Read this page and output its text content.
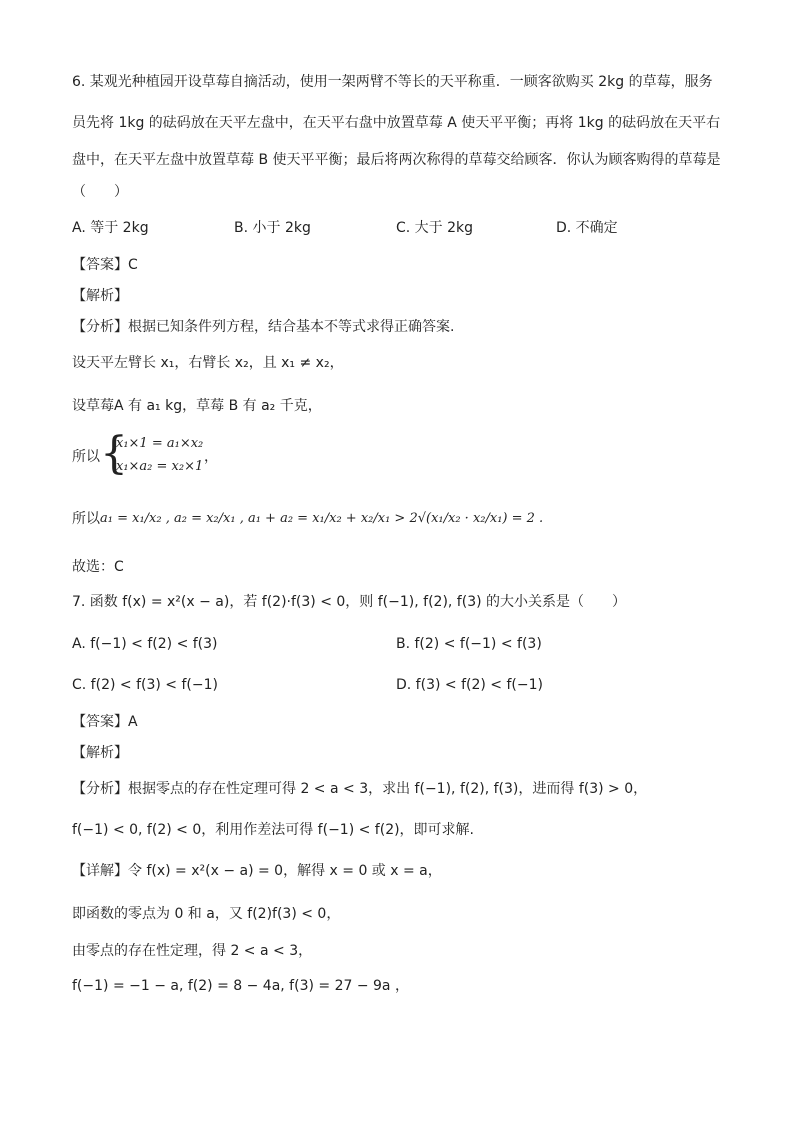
6. 某观光种植园开设草莓自摘活动，使用一架两臂不等长的天平称重．一顾客欲购买 2kg 的草莓，服务
员先将 1kg 的砝码放在天平左盘中，在天平右盘中放置草莓 A 使天平平衡；再将 1kg 的砝码放在天平右
盘中，在天平左盘中放置草莓 B 使天平平衡；最后将两次称得的草莓交给顾客．你认为顾客购得的草莓是
（　　）
A. 等于 2kg	B. 小于 2kg	C. 大于 2kg	D. 不确定
【答案】C
【解析】
【分析】根据已知条件列方程，结合基本不等式求得正确答案.
设天平左臂长 x₁，右臂长 x₂，且 x₁ ≠ x₂，
设草莓A 有 a₁ kg，草莓 B 有 a₂ 千克，
所以 {
x₁×1 = a₁×x₂
x₁×a₂ = x₂×1
，
所以 a₁ = x₁/x₂ , a₂ = x₂/x₁ , a₁ + a₂ = x₁/x₂ + x₂/x₁ > 2√(x₁/x₂ · x₂/x₁) = 2 .
故选：C
7. 函数 f(x) = x²(x − a)，若 f(2)·f(3) < 0，则 f(−1), f(2), f(3) 的大小关系是（　　）
A. f(−1) < f(2) < f(3)	B. f(2) < f(−1) < f(3)
C. f(2) < f(3) < f(−1)	D. f(3) < f(2) < f(−1)
【答案】A
【解析】
【分析】根据零点的存在性定理可得 2 < a < 3，求出 f(−1), f(2), f(3)，进而得 f(3) > 0，
f(−1) < 0, f(2) < 0，利用作差法可得 f(−1) < f(2)，即可求解.
【详解】令 f(x) = x²(x − a) = 0，解得 x = 0 或 x = a，
即函数的零点为 0 和 a，又 f(2)f(3) < 0，
由零点的存在性定理，得 2 < a < 3，
f(−1) = −1 − a, f(2) = 8 − 4a, f(3) = 27 − 9a ，
